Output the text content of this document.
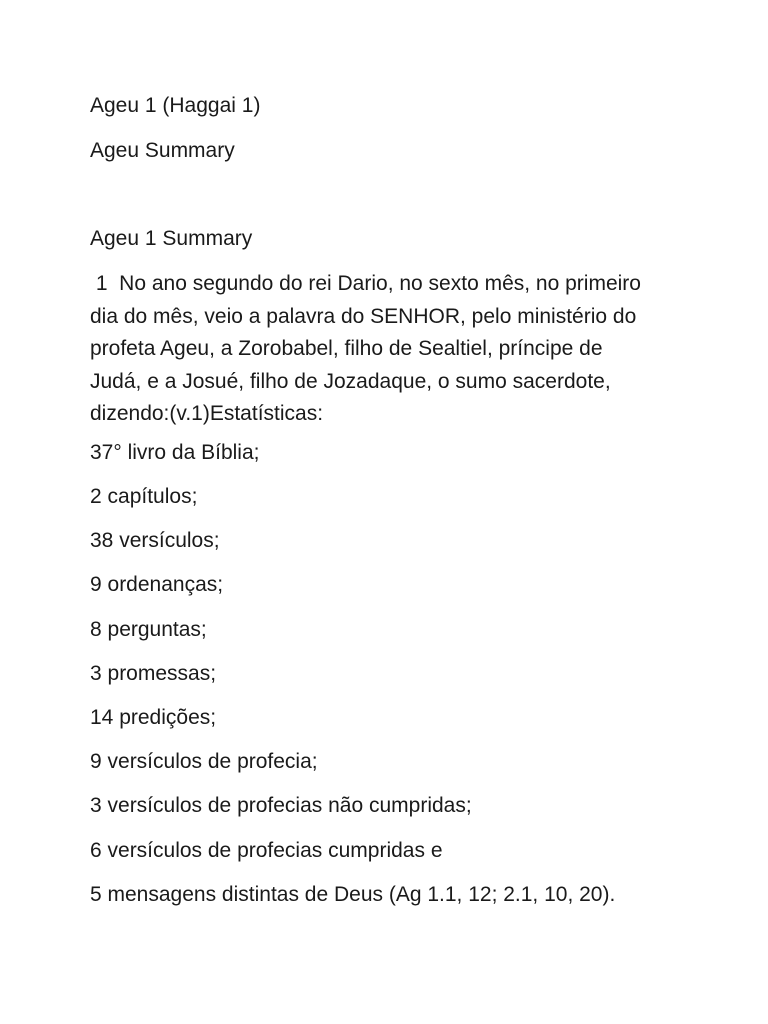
Ageu 1 (Haggai 1)
Ageu Summary
Ageu 1 Summary
1  No ano segundo do rei Dario, no sexto mês, no primeiro
dia do mês, veio a palavra do SENHOR, pelo ministério do
profeta Ageu, a Zorobabel, filho de Sealtiel, príncipe de
Judá, e a Josué, filho de Jozadaque, o sumo sacerdote,
dizendo:(v.1)Estatísticas:
37° livro da Bíblia;
2 capítulos;
38 versículos;
9 ordenanças;
8 perguntas;
3 promessas;
14 predições;
9 versículos de profecia;
3 versículos de profecias não cumpridas;
6 versículos de profecias cumpridas e
5 mensagens distintas de Deus (Ag 1.1, 12; 2.1, 10, 20).
